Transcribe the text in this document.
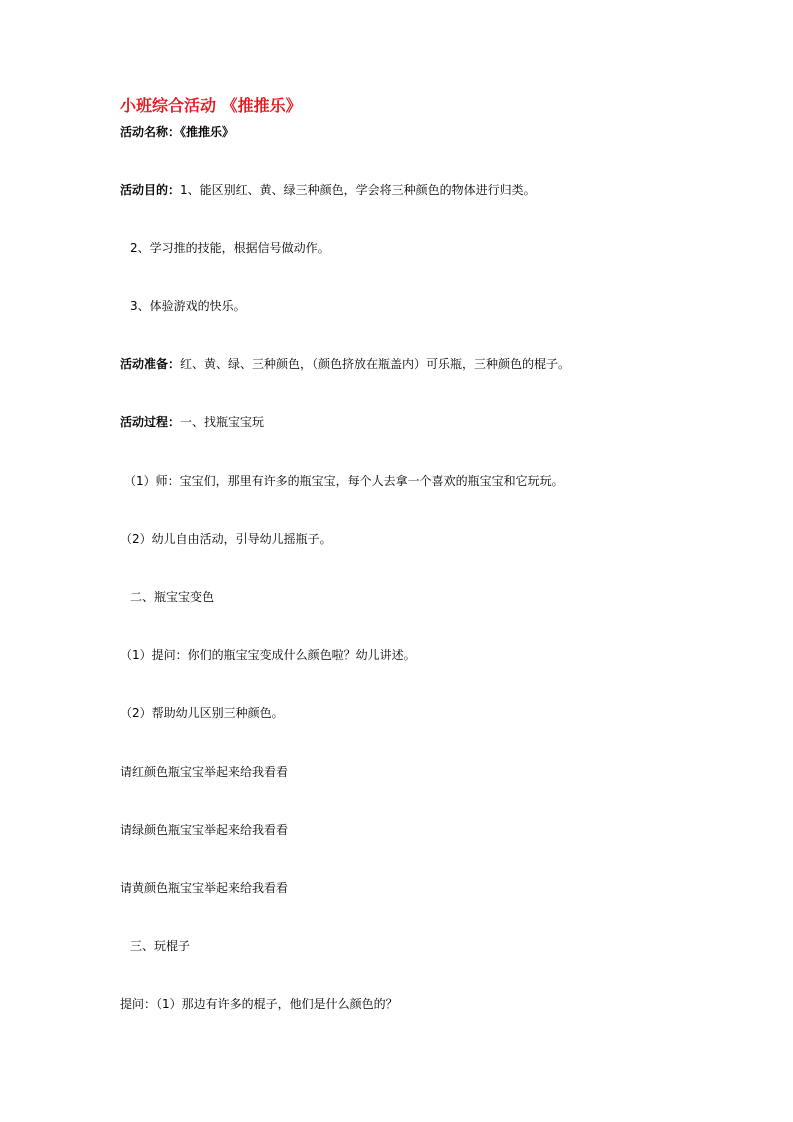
小班综合活动 《推推乐》
活动名称：《推推乐》
活动目的：1、能区别红、黄、绿三种颜色，学会将三种颜色的物体进行归类。
2、学习推的技能，根据信号做动作。
3、体验游戏的快乐。
活动准备：红、黄、绿、三种颜色，（颜色挤放在瓶盖内）可乐瓶，三种颜色的棍子。
活动过程：一、找瓶宝宝玩
（1）师：宝宝们，那里有许多的瓶宝宝，每个人去拿一个喜欢的瓶宝宝和它玩玩。
（2）幼儿自由活动，引导幼儿摇瓶子。
二、瓶宝宝变色
（1）提问：你们的瓶宝宝变成什么颜色啦？幼儿讲述。
（2）帮助幼儿区别三种颜色。
请红颜色瓶宝宝举起来给我看看
请绿颜色瓶宝宝举起来给我看看
请黄颜色瓶宝宝举起来给我看看
三、玩棍子
提问：（1）那边有许多的棍子，他们是什么颜色的？
